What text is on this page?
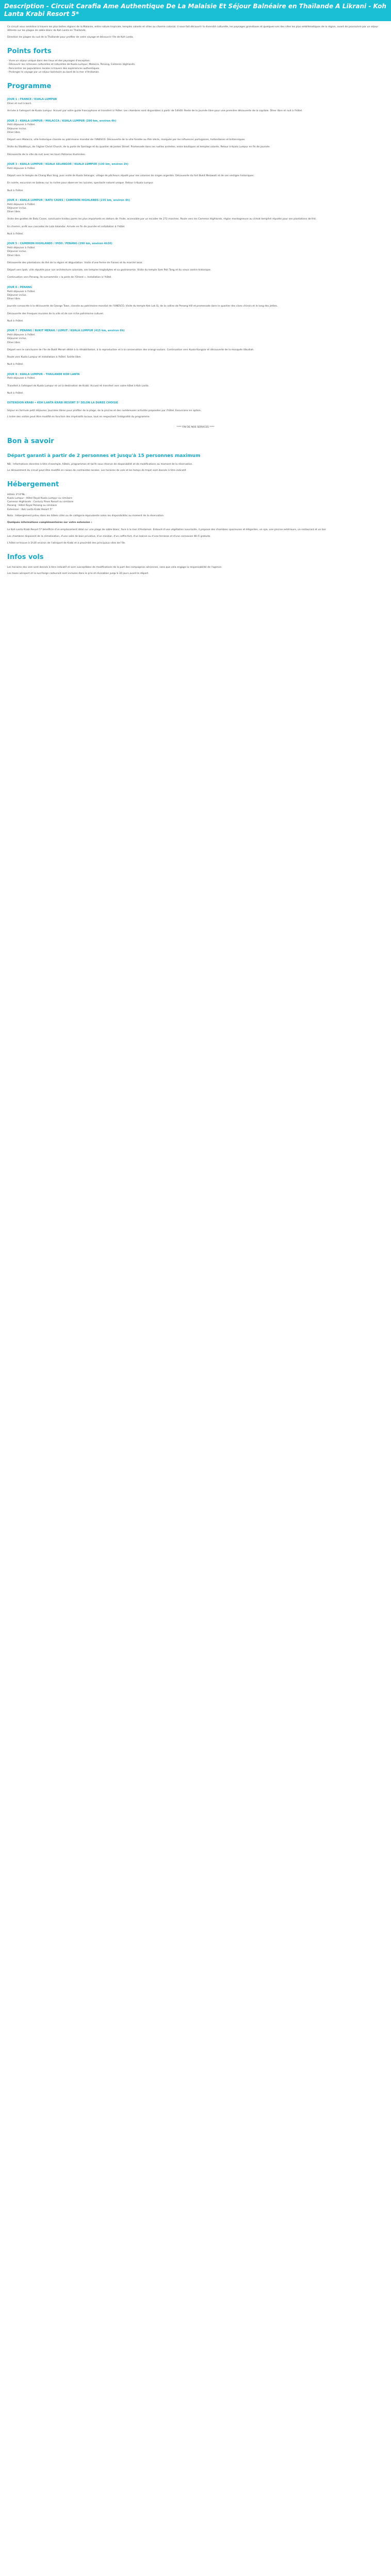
Description - Circuit Carafia Ame Authentique De La Malaisie Et Séjour Balnéaire en Thaïlande A Likrani - Koh Lanta Krabi Resort 5*

Ce circuit vous emmène à travers les plus belles régions de la Malaisie, entre nature tropicale, temples colorés et villes au charme colonial. Il vous fait découvrir la diversité culturelle, les paysages grandioses et quelques-uns des sites les plus emblématiques de la région, avant de poursuivre par un séjour détente sur les plages de sable blanc de Koh Lanta en Thaïlande.

Direction les plages du sud de la Thaïlande pour profiter de votre voyage et découvrir l'île de Koh Lanta.

Points forts

- Vivre un séjour unique dans des lieux et des paysages d'exception.

- Découvrir les richesses culturelles et naturelles de Kuala Lumpur, Malacca, Penang, Cameron Highlands.

- Rencontrer les populations locales à travers des expériences authentiques.

- Prolonger le voyage par un séjour balnéaire au bord de la mer d'Andaman.

Programme

JOUR 1 : FRANCE / KUALA LUMPUR

Dîner et nuit à bord.

Arrivée à l'aéroport de Kuala Lumpur. Accueil par votre guide francophone et transfert à l'hôtel. Les chambres sont disponibles à partir de 14h00. Reste de la journée libre pour une première découverte de la capitale. Dîner libre et nuit à l'hôtel.

JOUR 2 : KUALA LUMPUR / MALACCA / KUALA LUMPUR (290 km, environ 4h)

Petit déjeuner à l'hôtel.

Déjeuner inclus.

Dîner libre.

Départ vers Malacca, ville historique classée au patrimoine mondial de l'UNESCO. Découverte de la ville fondée au XVe siècle, marquée par les influences portugaises, hollandaises et britanniques.

Visite du Stadthuys, de l'église Christ Church, de la porte de Santiago et du quartier de Jonker Street. Promenade dans les ruelles animées, entre boutiques et temples colorés. Retour à Kuala Lumpur en fin de journée.

Découverte de la ville de nuit avec les tours Petronas illuminées.

JOUR 3 : KUALA LUMPUR / KUALA SELANGOR / KUALA LUMPUR (130 km, environ 2h)

Petit déjeuner à l'hôtel.

Départ vers le temple de Chang Mun Sing, puis visite de Kuala Selangor, village de pêcheurs réputé pour ses colonies de singes argentés. Découverte du fort Bukit Melawati et de ses vestiges historiques.

En soirée, excursion en bateau sur la rivière pour observer les lucioles, spectacle naturel unique. Retour à Kuala Lumpur.

Nuit à l'hôtel.

JOUR 4 : KUALA LUMPUR / BATU CAVES / CAMERON HIGHLANDS (235 km, environ 4h)

Petit déjeuner à l'hôtel.

Déjeuner inclus.

Dîner libre.

Visite des grottes de Batu Caves, sanctuaire hindou parmi les plus importants en dehors de l'Inde, accessible par un escalier de 272 marches. Route vers les Cameron Highlands, région montagneuse au climat tempéré réputée pour ses plantations de thé.

En chemin, arrêt aux cascades de Lata Iskandar. Arrivée en fin de journée et installation à l'hôtel.

Nuit à l'hôtel.

JOUR 5 : CAMERON HIGHLANDS / IPOH / PENANG (290 km, environ 4h30)

Petit déjeuner à l'hôtel.

Déjeuner inclus.

Dîner libre.

Découverte des plantations de thé de la région et dégustation. Visite d'une ferme de fraises et du marché local.

Départ vers Ipoh, ville réputée pour son architecture coloniale, ses temples troglodytes et sa gastronomie. Visite du temple Sam Poh Tong et du vieux centre historique.

Continuation vers Penang, île surnommée « la perle de l'Orient ». Installation à l'hôtel.

JOUR 6 : PENANG

Petit déjeuner à l'hôtel.

Déjeuner inclus.

Dîner libre.

Journée consacrée à la découverte de George Town, classée au patrimoine mondial de l'UNESCO. Visite du temple Kek Lok Si, de la colline de Penang Hill et promenade dans le quartier des clans chinois et le long des jetées.

Découverte des fresques murales de la ville et de son riche patrimoine culturel.

Nuit à l'hôtel.

JOUR 7 : PENANG / BUKIT MERAH / LUMUT / KUALA LUMPUR (415 km, environ 6h)

Petit déjeuner à l'hôtel.

Déjeuner inclus.

Dîner libre.

Départ vers le sanctuaire de l'île de Bukit Merah dédié à la réhabilitation, à la reproduction et à la conservation des orangs-outans. Continuation vers Kuala Kangsar et découverte de la mosquée Ubudiah.

Route vers Kuala Lumpur et installation à l'hôtel. Soirée libre.

Nuit à l'hôtel.

JOUR 8 : KUALA LUMPUR – THAILANDE KOH LANTA

Petit déjeuner à l'hôtel.

Transfert à l'aéroport de Kuala Lumpur et vol à destination de Krabi. Accueil et transfert vers votre hôtel à Koh Lanta.

Nuit à l'hôtel.

EXTENSION KRABI • KOH LANTA KRABI RESORT 5* SELON LA DUREE CHOISIE

Séjour en formule petit déjeuner. Journées libres pour profiter de la plage, de la piscine et des nombreuses activités proposées par l'hôtel. Excursions en option.

L'ordre des visites peut être modifié en fonction des impératifs locaux, tout en respectant l'intégralité du programme.

**** FIN DE NOS SERVICES ****
Bon à savoir
Départ garanti à partir de 2 personnes et jusqu'à 15 personnes maximum

NB : Informations données à titre d'exemple, hôtels, programmes et tarifs sous réserve de disponibilité et de modifications au moment de la réservation.

Le déroulement du circuit peut être modifié en raison de contraintes locales. Les horaires de vols et les temps de trajet sont donnés à titre indicatif.

Hébergement

Hôtels 3*/4*NL :

Kuala Lumpur : Hôtel Royal Kuala Lumpur ou similaire

Cameron Highlands : Century Pines Resort ou similaire

Penang : Hôtel Royal Penang ou similaire

Extension : Koh Lanta Krabi Resort 5*

Nota : hébergement prévu dans les hôtels cités ou de catégorie équivalente selon les disponibilités au moment de la réservation.

Quelques informations complémentaires sur votre extension :

Le Koh Lanta Krabi Resort 5* bénéficie d'un emplacement idéal sur une plage de sable blanc, face à la mer d'Andaman. Entouré d'une végétation luxuriante, il propose des chambres spacieuses et élégantes, un spa, une piscine extérieure, un restaurant et un bar.

Les chambres disposent de la climatisation, d'une salle de bain privative, d'un minibar, d'un coffre-fort, d'un balcon ou d'une terrasse et d'une connexion Wi-Fi gratuite.

L'hôtel se trouve à 1h30 environ de l'aéroport de Krabi et à proximité des principaux sites de l'île.

Infos vols

Les horaires des vols sont donnés à titre indicatif et sont susceptibles de modifications de la part des compagnies aériennes, sans que cela engage la responsabilité de l'agence.

Les taxes aéroport et la surcharge carburant sont incluses dans le prix et révisables jusqu'à 30 jours avant le départ.
